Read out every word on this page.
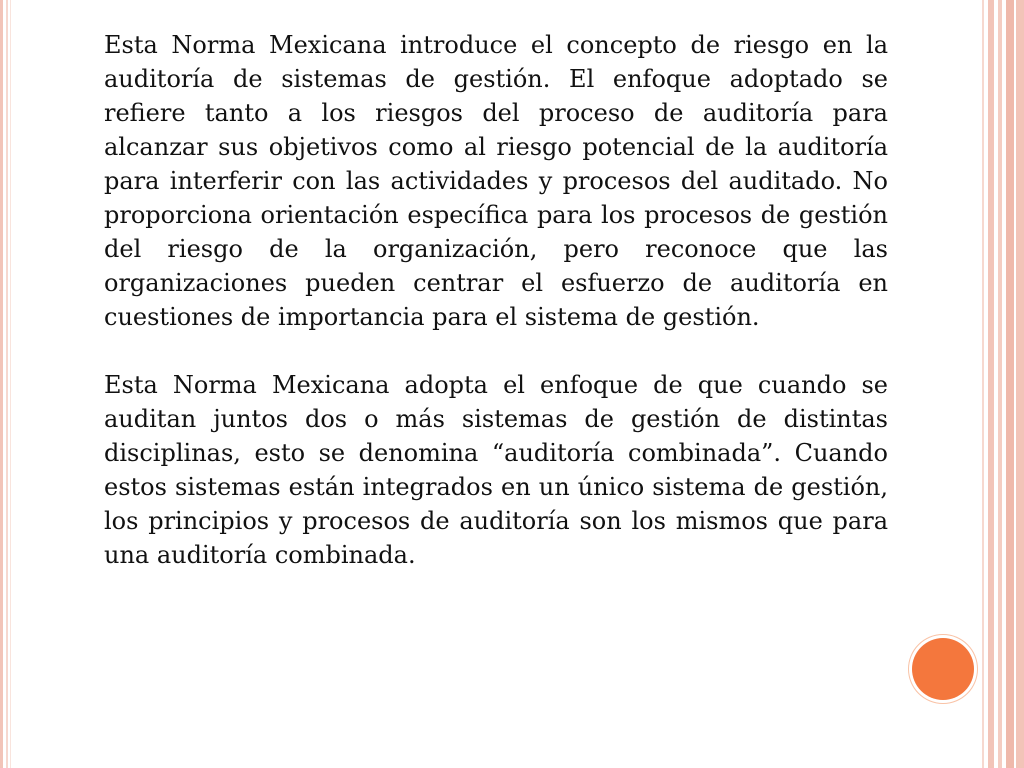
Esta Norma Mexicana introduce el concepto de riesgo en la auditoría de sistemas de gestión. El enfoque adoptado se refiere tanto a los riesgos del proceso de auditoría para alcanzar sus objetivos como al riesgo potencial de la auditoría para interferir con las actividades y procesos del auditado. No proporciona orientación específica para los procesos de gestión del riesgo de la organización, pero reconoce que las organizaciones pueden centrar el esfuerzo de auditoría en cuestiones de importancia para el sistema de gestión.

Esta Norma Mexicana adopta el enfoque de que cuando se auditan juntos dos o más sistemas de gestión de distintas disciplinas, esto se denomina “auditoría combinada”. Cuando estos sistemas están integrados en un único sistema de gestión, los principios y procesos de auditoría son los mismos que para una auditoría combinada.
